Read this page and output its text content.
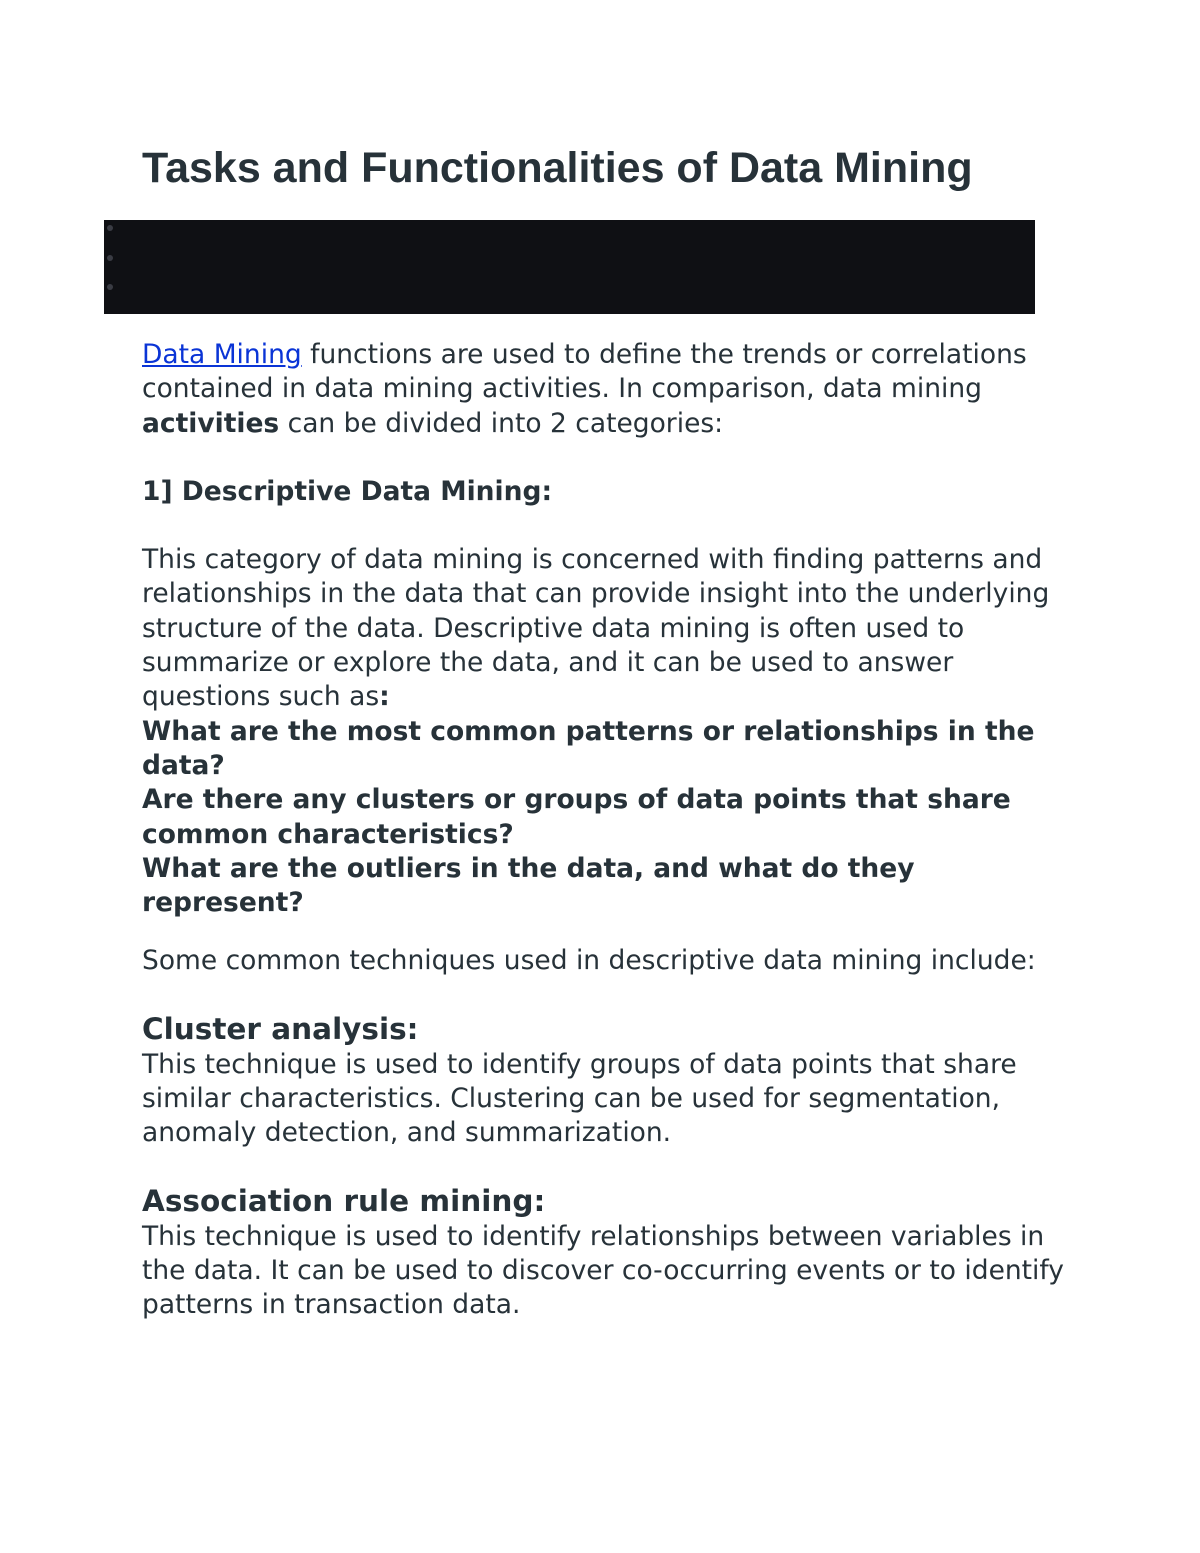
Tasks and Functionalities of Data Mining

Data Mining functions are used to define the trends or correlations contained in data mining activities. In comparison, data mining activities can be divided into 2 categories:

1] Descriptive Data Mining:

This category of data mining is concerned with finding patterns and relationships in the data that can provide insight into the underlying structure of the data. Descriptive data mining is often used to summarize or explore the data, and it can be used to answer questions such as:

What are the most common patterns or relationships in the data?

Are there any clusters or groups of data points that share common characteristics?

What are the outliers in the data, and what do they represent?

Some common techniques used in descriptive data mining include:

Cluster analysis:

This technique is used to identify groups of data points that share similar characteristics. Clustering can be used for segmentation, anomaly detection, and summarization.

Association rule mining:

This technique is used to identify relationships between variables in the data. It can be used to discover co-occurring events or to identify patterns in transaction data.
